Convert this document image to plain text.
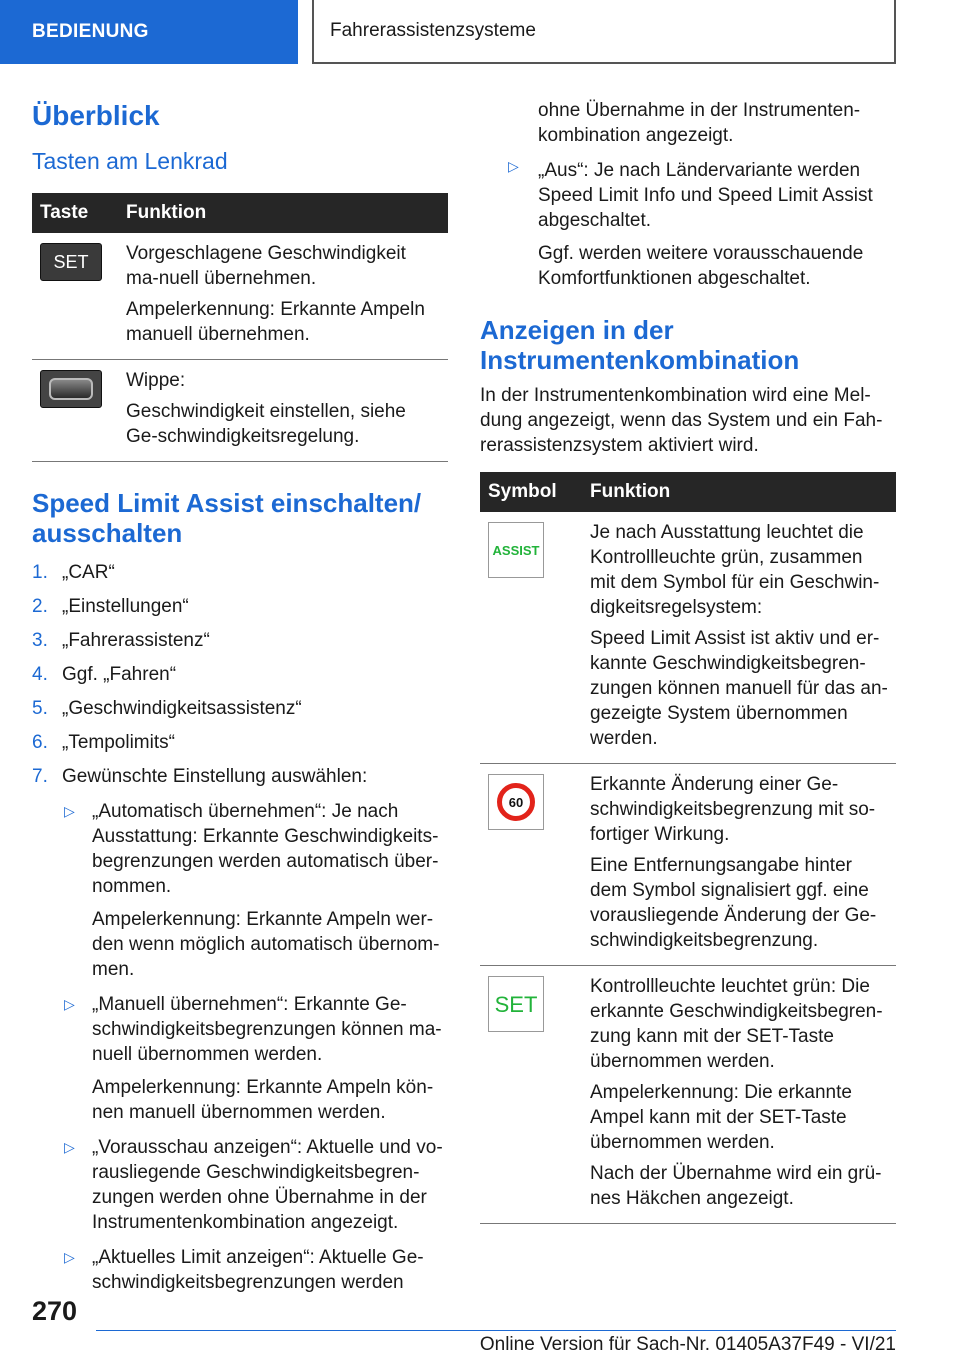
BEDIENUNG	Fahrerassistenzsysteme
Überblick
Tasten am Lenkrad
Taste	Funktion

SET	Vorgeschlagene Geschwindigkeit ma-nuell übernehmen.

Ampelerkennung: Erkannte Ampeln manuell übernehmen.

	Wippe:

Geschwindigkeit einstellen, siehe Ge-schwindigkeitsregelung.

Speed Limit Assist einschalten/ ausschalten
1. „CAR“
2. „Einstellungen“
3. „Fahrerassistenz“
4. Ggf. „Fahren“
5. „Geschwindigkeitsassistenz“
6. „Tempolimits“
7. Gewünschte Einstellung auswählen:
▷ „Automatisch übernehmen“: Je nach Ausstattung: Erkannte Geschwindigkeits-begrenzungen werden automatisch über-nommen.

Ampelerkennung: Erkannte Ampeln wer-den wenn möglich automatisch übernom-men.

▷ „Manuell übernehmen“: Erkannte Ge-schwindigkeitsbegrenzungen können ma-nuell übernommen werden.

Ampelerkennung: Erkannte Ampeln kön-nen manuell übernommen werden.

▷ „Vorausschau anzeigen“: Aktuelle und vo-rausliegende Geschwindigkeitsbegren-zungen werden ohne Übernahme in der Instrumentenkombination angezeigt.

▷ „Aktuelles Limit anzeigen“: Aktuelle Ge-schwindigkeitsbegrenzungen werden

ohne Übernahme in der Instrumenten-kombination angezeigt.

▷	„Aus“: Je nach Ländervariante werden Speed Limit Info und Speed Limit Assist abgeschaltet.

Ggf. werden weitere vorausschauende Komfortfunktionen abgeschaltet.

Anzeigen in der Instrumentenkombination

In der Instrumentenkombination wird eine Mel-dung angezeigt, wenn das System und ein Fah-rerassistenzsystem aktiviert wird.

Symbol	Funktion

ASSIST	Je nach Ausstattung leuchtet die Kontrollleuchte grün, zusammen mit dem Symbol für ein Geschwin-digkeitsregelsystem:

Speed Limit Assist ist aktiv und er-kannte Geschwindigkeitsbegren-zungen können manuell für das an-gezeigte System übernommen werden.

60	Erkannte Änderung einer Ge-schwindigkeitsbegrenzung mit so-fortiger Wirkung.

Eine Entfernungsangabe hinter dem Symbol signalisiert ggf. eine vorausliegende Änderung der Ge-schwindigkeitsbegrenzung.

SET	Kontrollleuchte leuchtet grün: Die erkannte Geschwindigkeitsbegren-zung kann mit der SET-Taste übernommen werden.

Ampelerkennung: Die erkannte Ampel kann mit der SET-Taste übernommen werden.

Nach der Übernahme wird ein grü-nes Häkchen angezeigt.

270
Online Version für Sach-Nr. 01405A37F49 - VI/21
